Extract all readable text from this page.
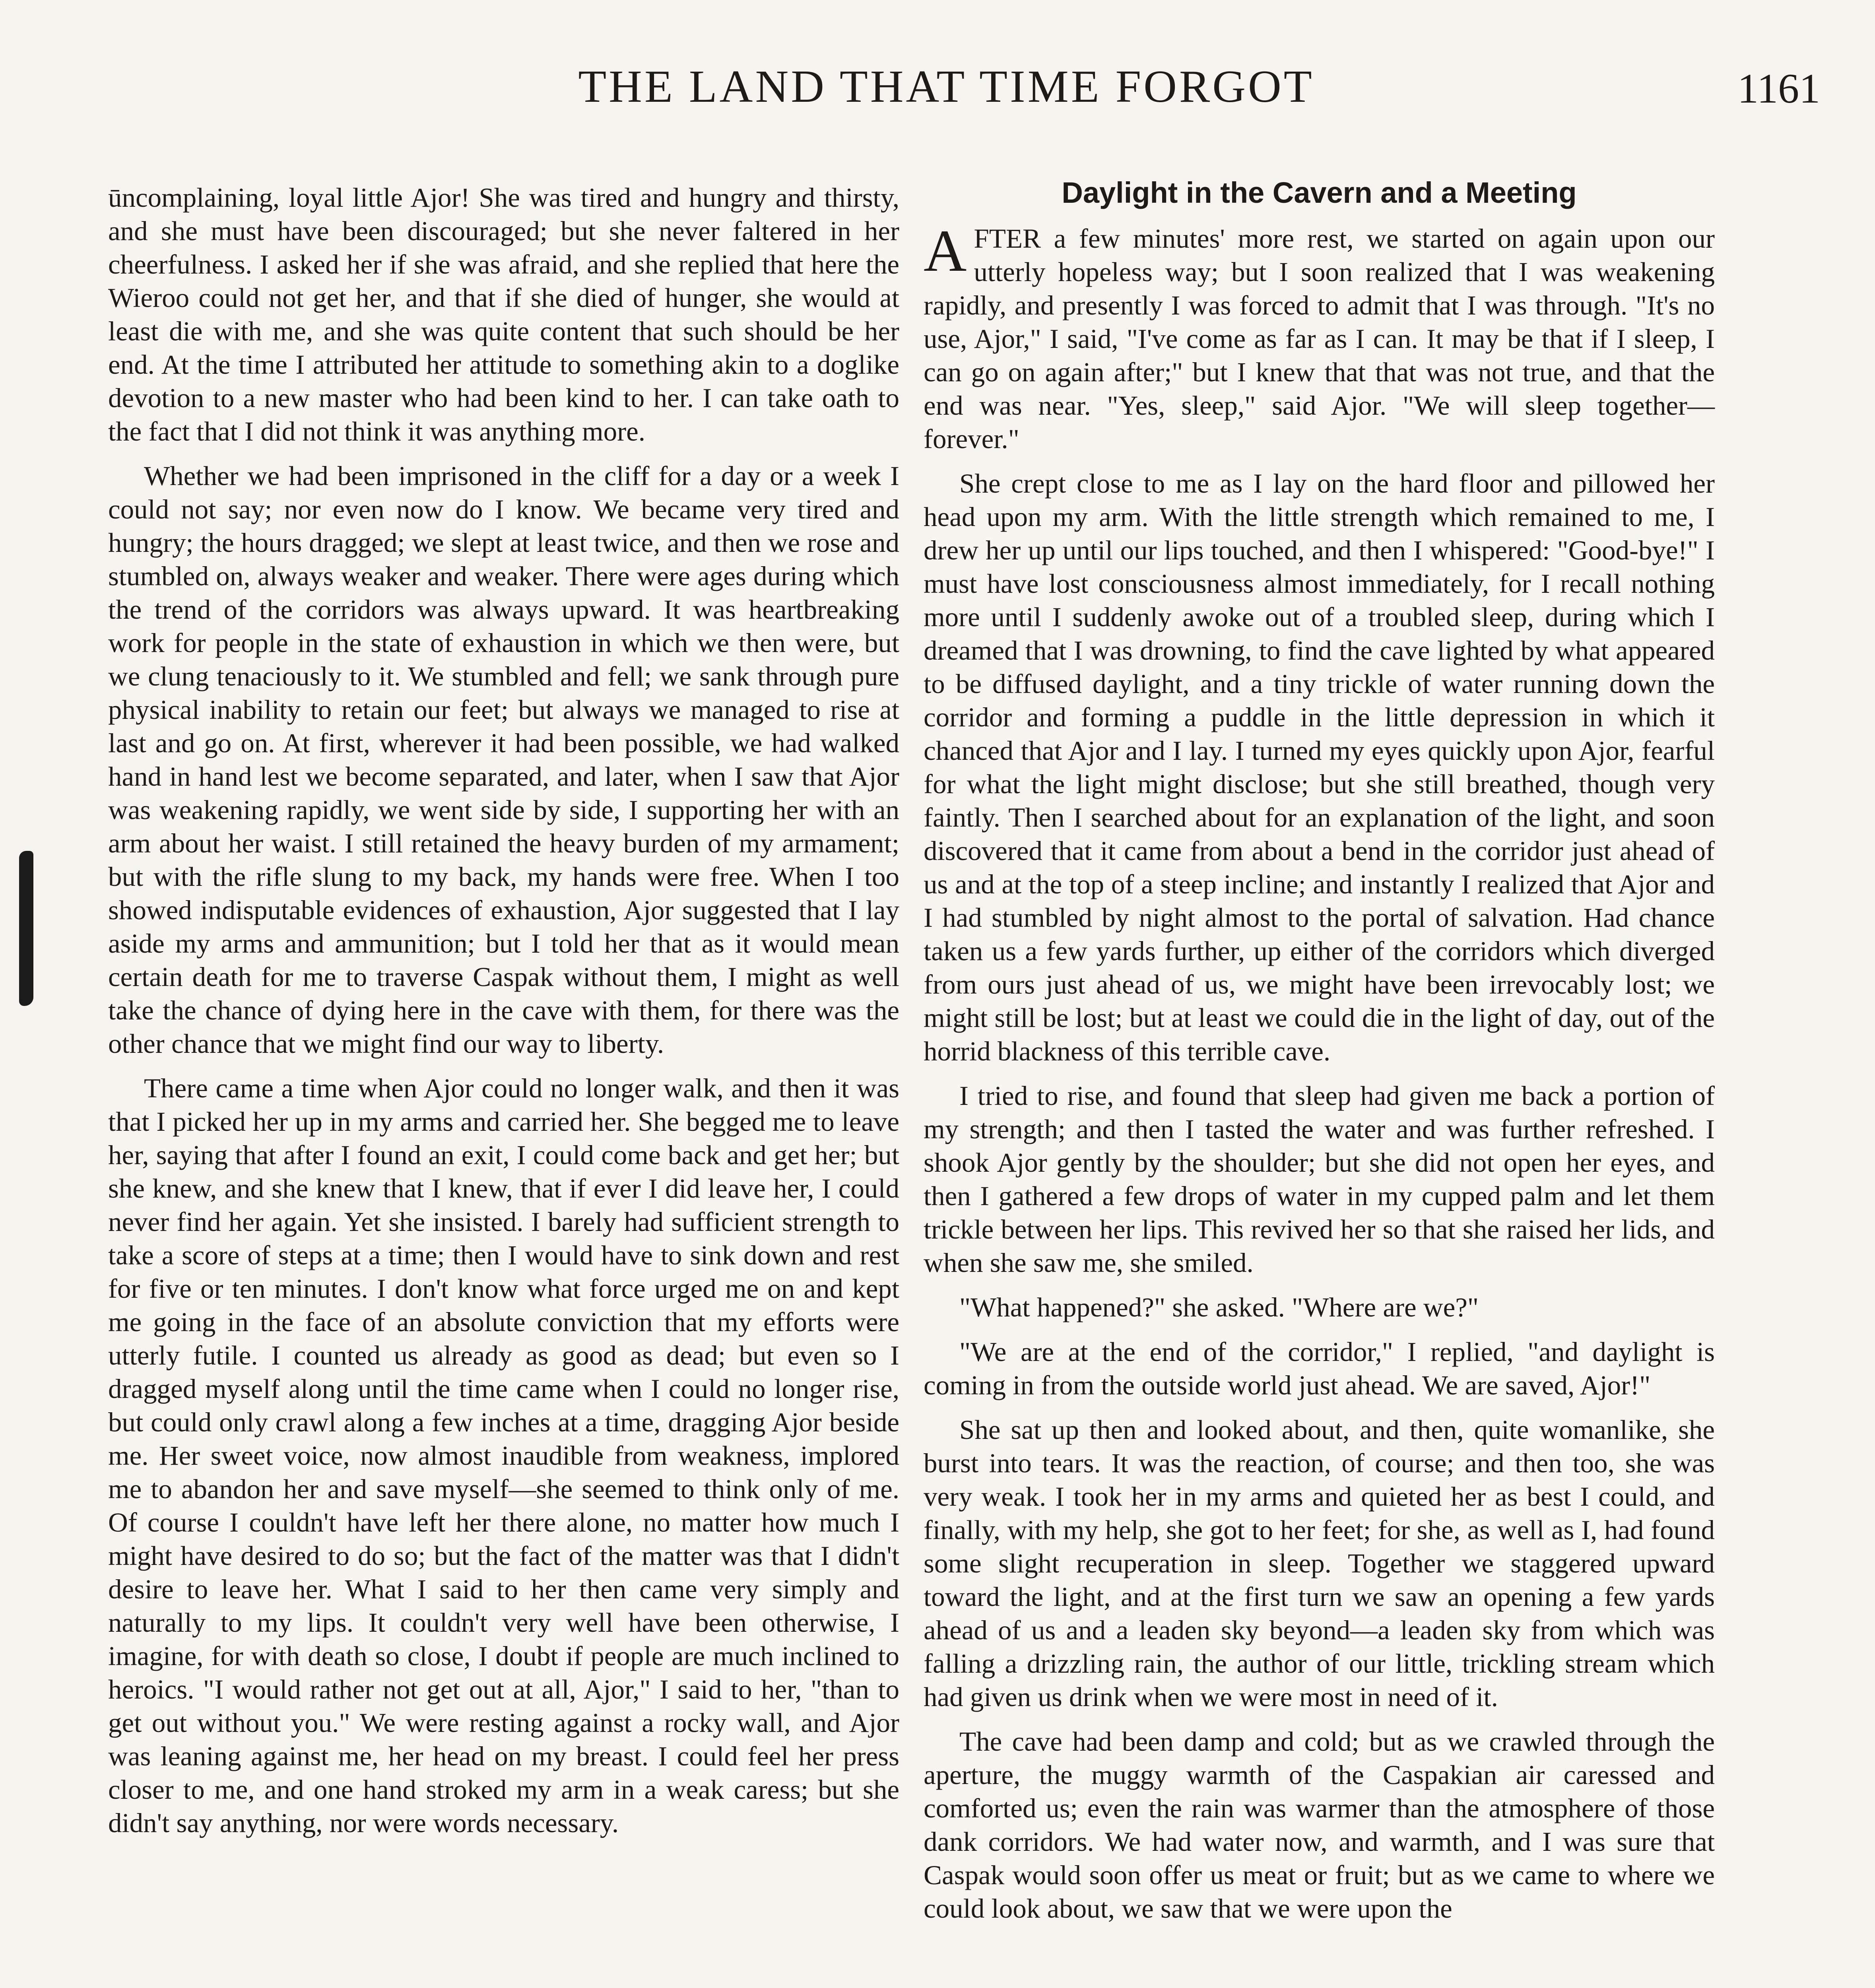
THE LAND THAT TIME FORGOT	1161

ūncomplaining, loyal little Ajor! She was tired and hungry and thirsty, and she must have been discouraged; but she never faltered in her cheerfulness. I asked her if she was afraid, and she replied that here the Wieroo could not get her, and that if she died of hunger, she would at least die with me, and she was quite content that such should be her end. At the time I attributed her attitude to something akin to a doglike devotion to a new master who had been kind to her. I can take oath to the fact that I did not think it was anything more.

Whether we had been imprisoned in the cliff for a day or a week I could not say; nor even now do I know. We became very tired and hungry; the hours dragged; we slept at least twice, and then we rose and stumbled on, always weaker and weaker. There were ages during which the trend of the corridors was always upward. It was heartbreaking work for people in the state of exhaustion in which we then were, but we clung tenaciously to it. We stumbled and fell; we sank through pure physical inability to retain our feet; but always we managed to rise at last and go on. At first, wherever it had been possible, we had walked hand in hand lest we become separated, and later, when I saw that Ajor was weakening rapidly, we went side by side, I supporting her with an arm about her waist. I still retained the heavy burden of my armament; but with the rifle slung to my back, my hands were free. When I too showed indisputable evidences of exhaustion, Ajor suggested that I lay aside my arms and ammunition; but I told her that as it would mean certain death for me to traverse Caspak without them, I might as well take the chance of dying here in the cave with them, for there was the other chance that we might find our way to liberty.

There came a time when Ajor could no longer walk, and then it was that I picked her up in my arms and carried her. She begged me to leave her, saying that after I found an exit, I could come back and get her; but she knew, and she knew that I knew, that if ever I did leave her, I could never find her again. Yet she insisted. I barely had sufficient strength to take a score of steps at a time; then I would have to sink down and rest for five or ten minutes. I don't know what force urged me on and kept me going in the face of an absolute conviction that my efforts were utterly futile. I counted us already as good as dead; but even so I dragged myself along until the time came when I could no longer rise, but could only crawl along a few inches at a time, dragging Ajor beside me. Her sweet voice, now almost inaudible from weakness, implored me to abandon her and save myself—she seemed to think only of me. Of course I couldn't have left her there alone, no matter how much I might have desired to do so; but the fact of the matter was that I didn't desire to leave her. What I said to her then came very simply and naturally to my lips. It couldn't very well have been otherwise, I imagine, for with death so close, I doubt if people are much inclined to heroics. "I would rather not get out at all, Ajor," I said to her, "than to get out without you." We were resting against a rocky wall, and Ajor was leaning against me, her head on my breast. I could feel her press closer to me, and one hand stroked my arm in a weak caress; but she didn't say anything, nor were words necessary.

Daylight in the Cavern and a Meeting

AFTER a few minutes' more rest, we started on again upon our utterly hopeless way; but I soon realized that I was weakening rapidly, and presently I was forced to admit that I was through. "It's no use, Ajor," I said, "I've come as far as I can. It may be that if I sleep, I can go on again after;" but I knew that that was not true, and that the end was near. "Yes, sleep," said Ajor. "We will sleep together—forever."

She crept close to me as I lay on the hard floor and pillowed her head upon my arm. With the little strength which remained to me, I drew her up until our lips touched, and then I whispered: "Good-bye!" I must have lost consciousness almost immediately, for I recall nothing more until I suddenly awoke out of a troubled sleep, during which I dreamed that I was drowning, to find the cave lighted by what appeared to be diffused daylight, and a tiny trickle of water running down the corridor and forming a puddle in the little depression in which it chanced that Ajor and I lay. I turned my eyes quickly upon Ajor, fearful for what the light might disclose; but she still breathed, though very faintly. Then I searched about for an explanation of the light, and soon discovered that it came from about a bend in the corridor just ahead of us and at the top of a steep incline; and instantly I realized that Ajor and I had stumbled by night almost to the portal of salvation. Had chance taken us a few yards further, up either of the corridors which diverged from ours just ahead of us, we might have been irrevocably lost; we might still be lost; but at least we could die in the light of day, out of the horrid blackness of this terrible cave.

I tried to rise, and found that sleep had given me back a portion of my strength; and then I tasted the water and was further refreshed. I shook Ajor gently by the shoulder; but she did not open her eyes, and then I gathered a few drops of water in my cupped palm and let them trickle between her lips. This revived her so that she raised her lids, and when she saw me, she smiled.

"What happened?" she asked. "Where are we?"

"We are at the end of the corridor," I replied, "and daylight is coming in from the outside world just ahead. We are saved, Ajor!"

She sat up then and looked about, and then, quite womanlike, she burst into tears. It was the reaction, of course; and then too, she was very weak. I took her in my arms and quieted her as best I could, and finally, with my help, she got to her feet; for she, as well as I, had found some slight recuperation in sleep. Together we staggered upward toward the light, and at the first turn we saw an opening a few yards ahead of us and a leaden sky beyond—a leaden sky from which was falling a drizzling rain, the author of our little, trickling stream which had given us drink when we were most in need of it.

The cave had been damp and cold; but as we crawled through the aperture, the muggy warmth of the Caspakian air caressed and comforted us; even the rain was warmer than the atmosphere of those dank corridors. We had water now, and warmth, and I was sure that Caspak would soon offer us meat or fruit; but as we came to where we could look about, we saw that we were upon the
